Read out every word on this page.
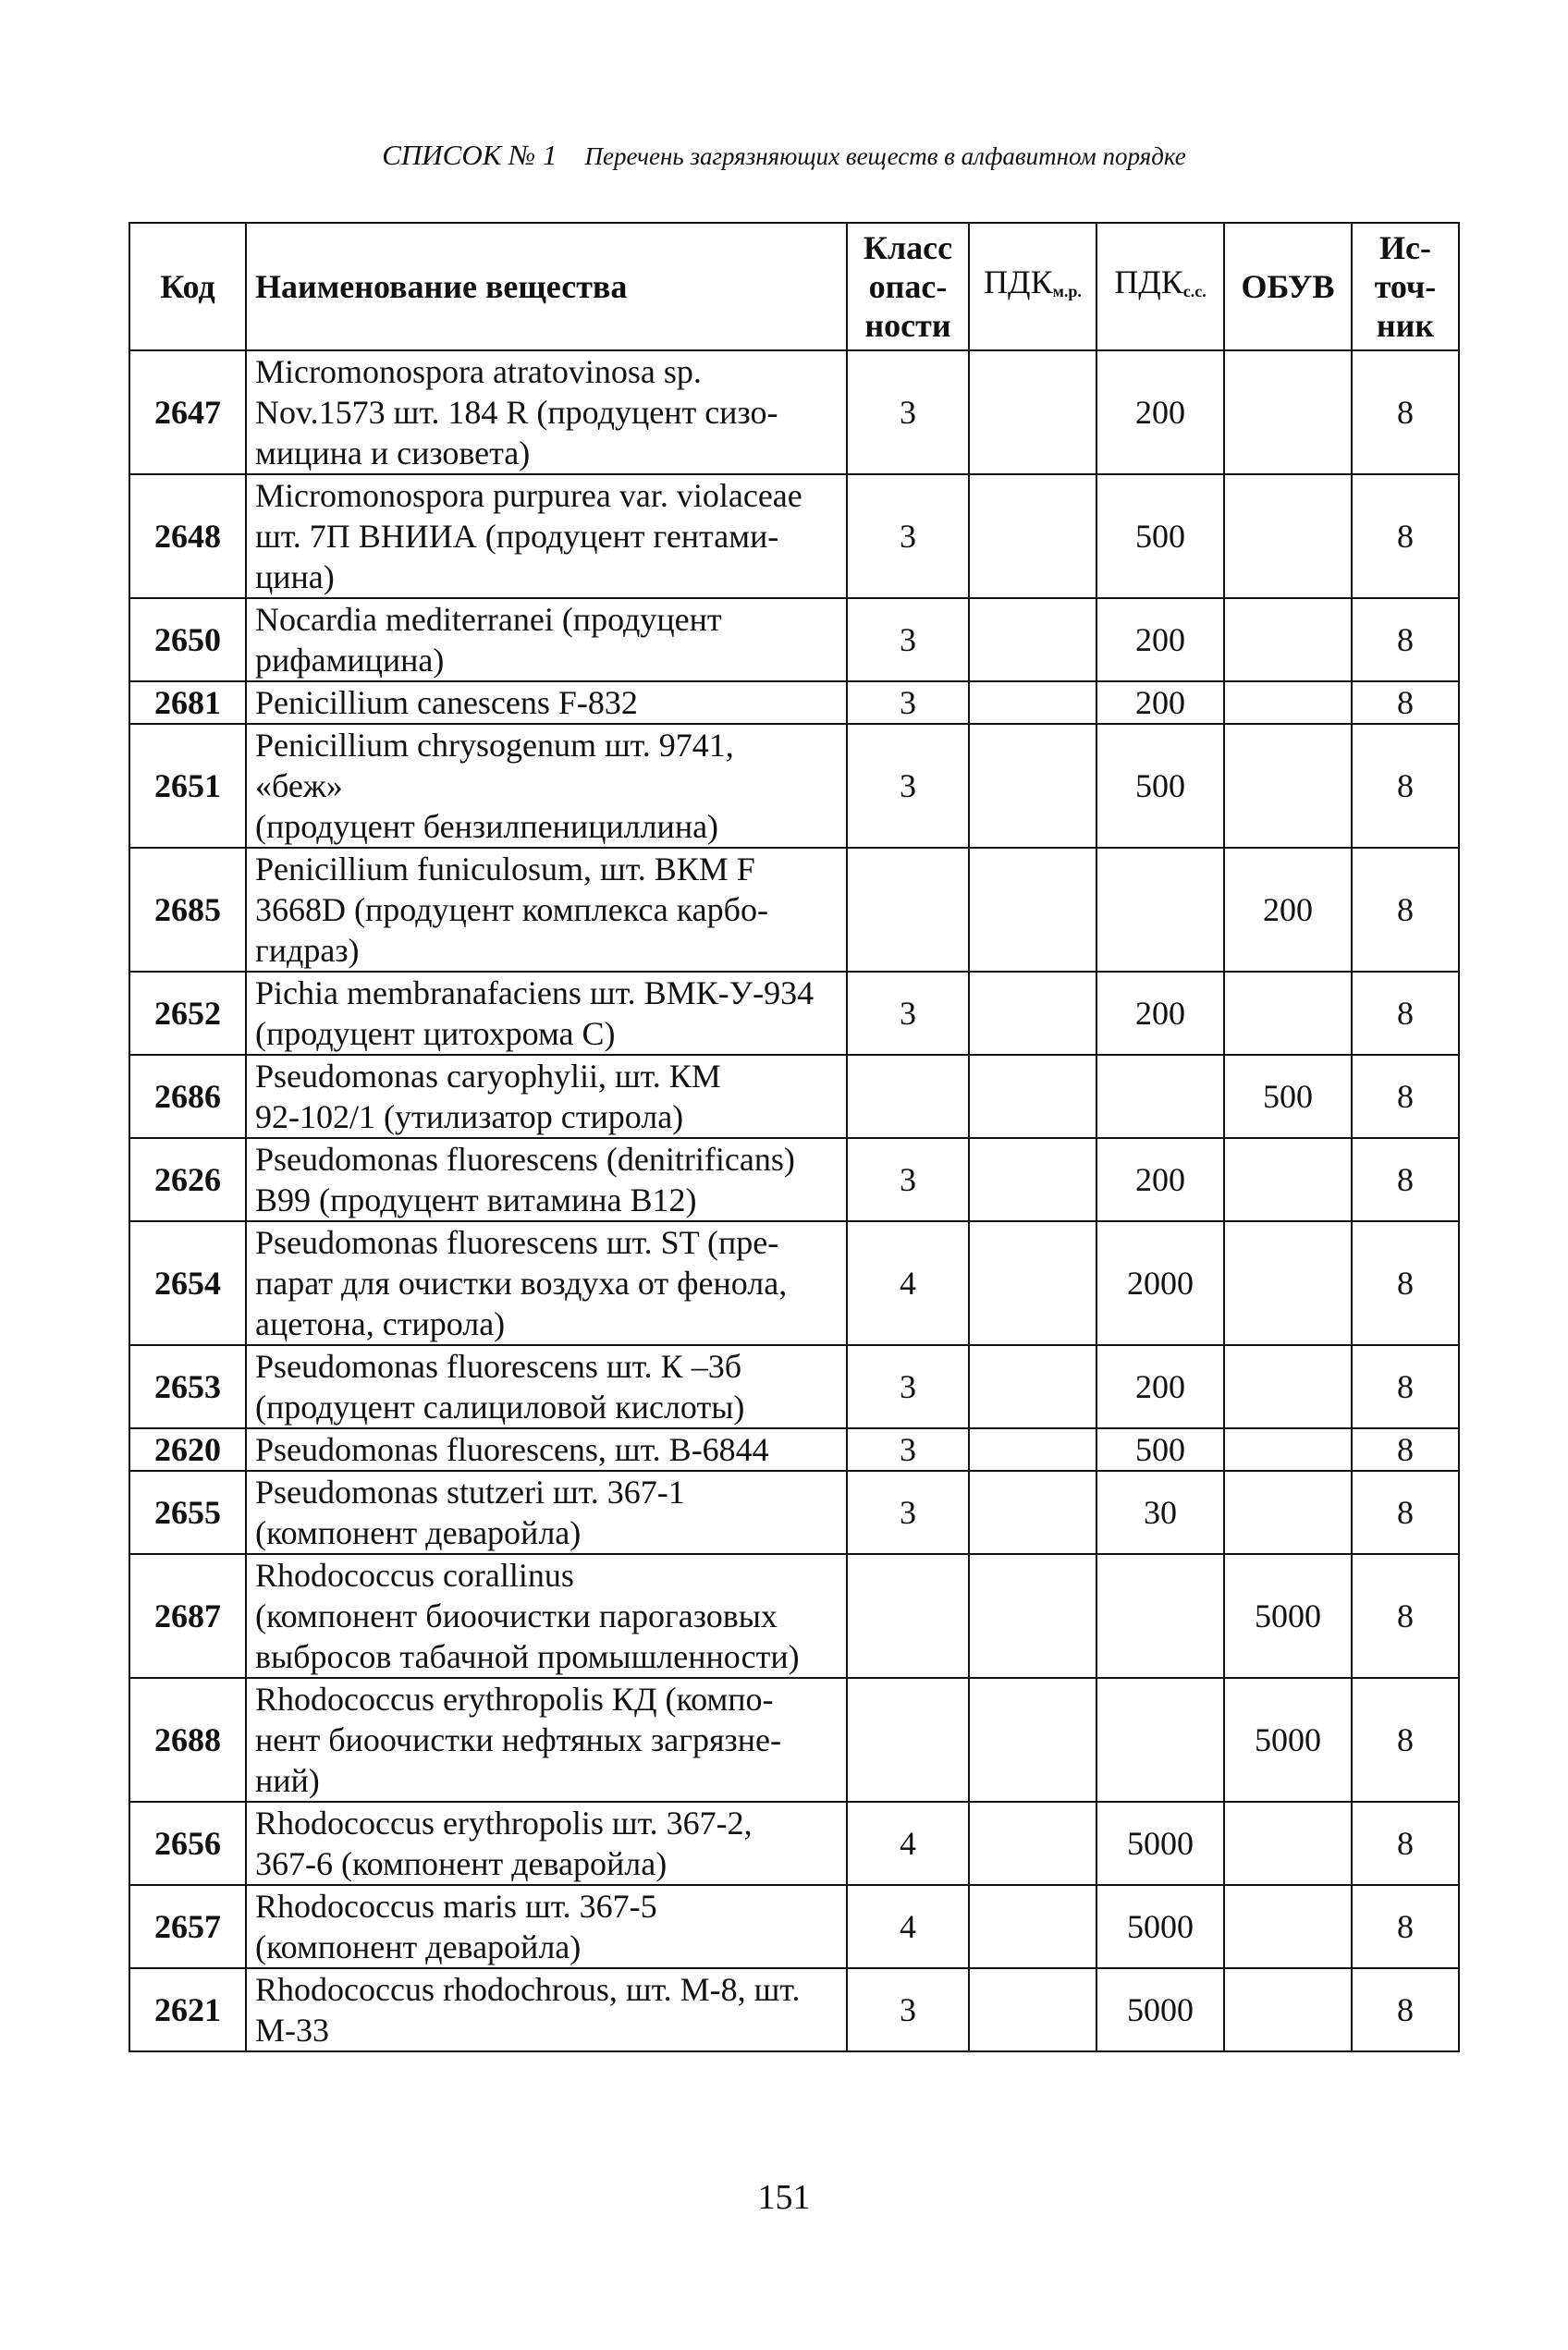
СПИСОК № 1 Перечень загрязняющих веществ в алфавитном порядке
Код	Наименование вещества	Класс
опас-
ности	$ПДК_{м.р.}$	$ПДК_{с.с.}$	ОБУВ	Ис-
точ-
ник
2647	Micromonospora atratovinosa sp.
Nov.1573 шт. 184 R (продуцент сизо-
мицина и сизовета)	3		200		8
2648	Micromonospora purpurea var. violaceae
шт. 7П ВНИИА (продуцент гентами-
цина)	3		500		8
2650	Nocardia mediterranei (продуцент
рифамицина)	3		200		8
2681	Penicillium canescens F-832	3		200		8
2651	Penicillium chrysogenum шт. 9741,
«беж»
(продуцент бензилпенициллина)	3		500		8
2685	Penicillium funiculosum, шт. ВКМ F
3668D (продуцент комплекса карбо-
гидраз)				200	8
2652	Pichia membranafaciens шт. ВМК-У-934
(продуцент цитохрома С)	3		200		8
2686	Pseudomonas caryophylii, шт. КМ
92-102/1 (утилизатор стирола)				500	8
2626	Pseudomonas fluorescens (denitrificans)
В99 (продуцент витамина В12)	3		200		8
2654	Pseudomonas fluorescens шт. ST (пре-
парат для очистки воздуха от фенола,
ацетона, стирола)	4		2000		8
2653	Pseudomonas fluorescens шт. К –3б
(продуцент салициловой кислоты)	3		200		8
2620	Pseudomonas fluorescens, шт. В-6844	3		500		8
2655	Pseudomonas stutzeri шт. 367-1
(компонент деваройла)	3		30		8
2687	Rhodococcus corallinus
(компонент биоочистки парогазовых
выбросов табачной промышленности)				5000	8
2688	Rhodococcus erythropolis КД (компо-
нент биоочистки нефтяных загрязне-
ний)				5000	8
2656	Rhodococcus erythropolis шт. 367-2,
367-6 (компонент деваройла)	4		5000		8
2657	Rhodococcus maris шт. 367-5
(компонент деваройла)	4		5000		8
2621	Rhodococcus rhodochrous, шт. М-8, шт.
М-33	3		5000		8
151
